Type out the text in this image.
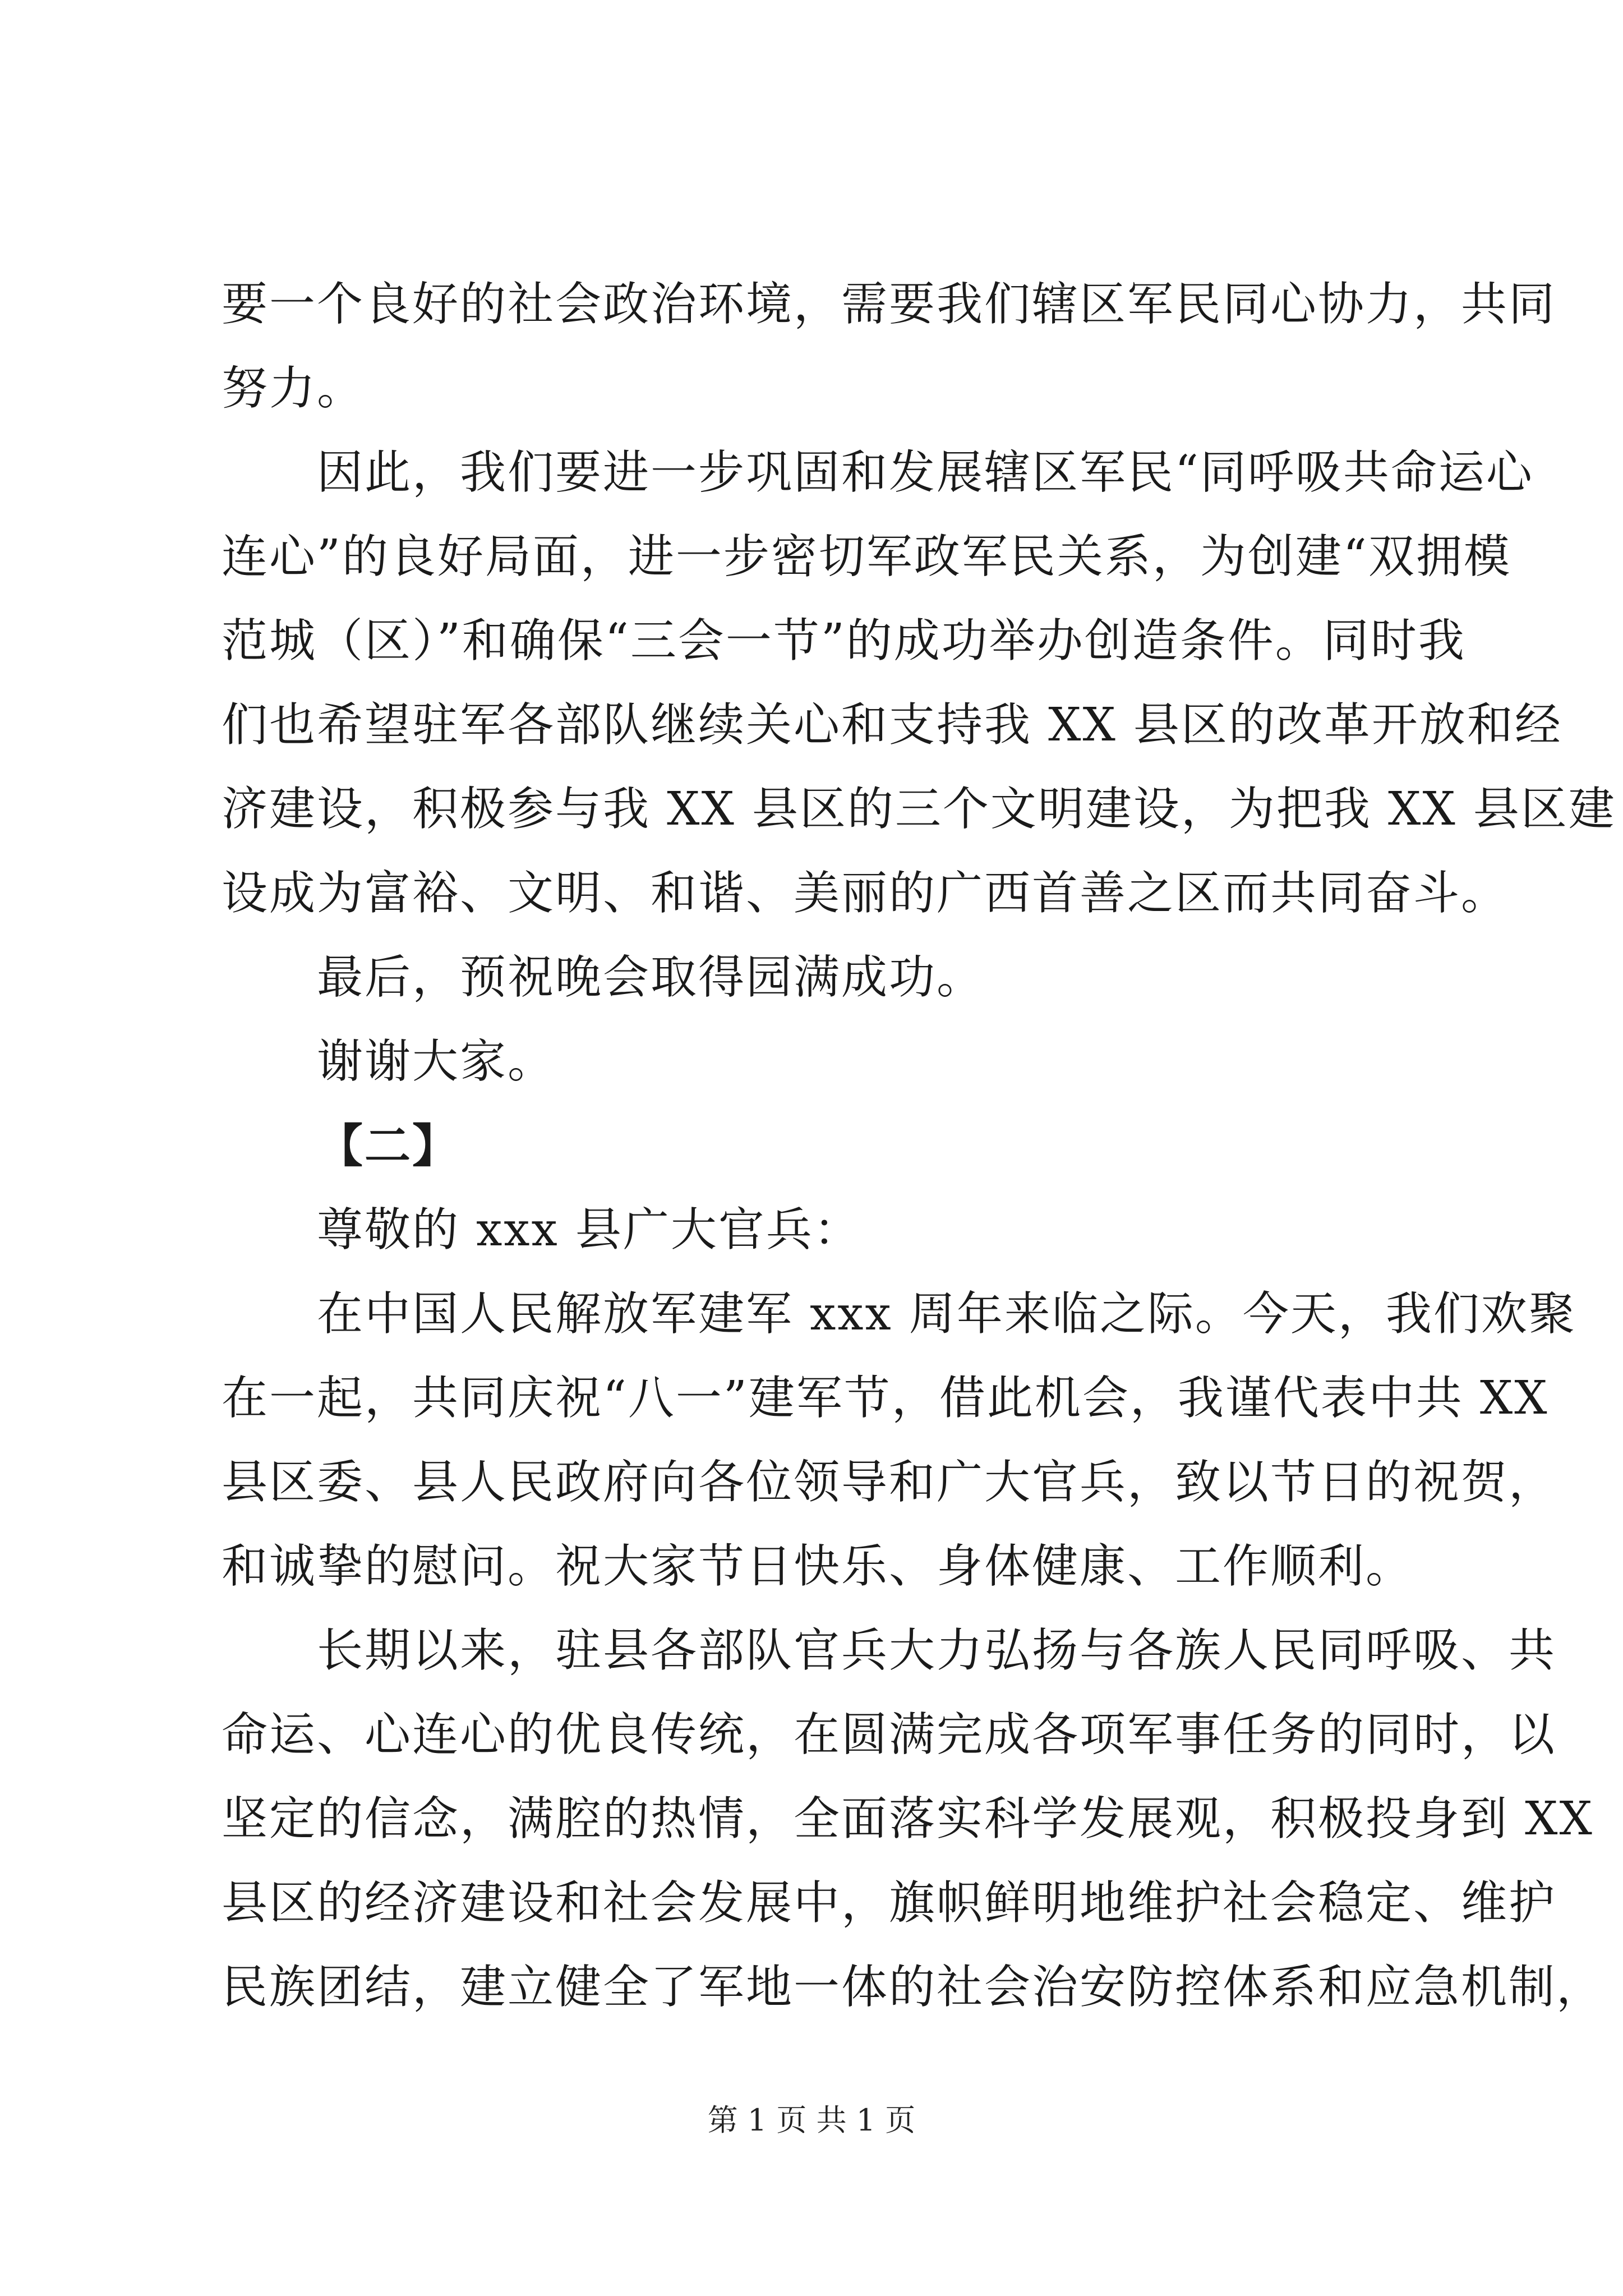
要一个良好的社会政治环境，需要我们辖区军民同心协力，共同

努力。

因此，我们要进一步巩固和发展辖区军民“同呼吸共命运心

连心”的良好局面，进一步密切军政军民关系，为创建“双拥模

范城（区）”和确保“三会一节”的成功举办创造条件。同时我

们也希望驻军各部队继续关心和支持我 XX 县区的改革开放和经

济建设，积极参与我 XX 县区的三个文明建设，为把我 XX 县区建

设成为富裕、文明、和谐、美丽的广西首善之区而共同奋斗。

最后，预祝晚会取得园满成功。

谢谢大家。

【二】

尊敬的 xxx 县广大官兵：

在中国人民解放军建军 xxx 周年来临之际。今天，我们欢聚

在一起，共同庆祝“八一”建军节，借此机会，我谨代表中共 XX

县区委、县人民政府向各位领导和广大官兵，致以节日的祝贺，

和诚挚的慰问。祝大家节日快乐、身体健康、工作顺利。

长期以来，驻县各部队官兵大力弘扬与各族人民同呼吸、共

命运、心连心的优良传统，在圆满完成各项军事任务的同时，以

坚定的信念，满腔的热情，全面落实科学发展观，积极投身到 XX

县区的经济建设和社会发展中，旗帜鲜明地维护社会稳定、维护

民族团结，建立健全了军地一体的社会治安防控体系和应急机制，

第 1 页 共 1 页
